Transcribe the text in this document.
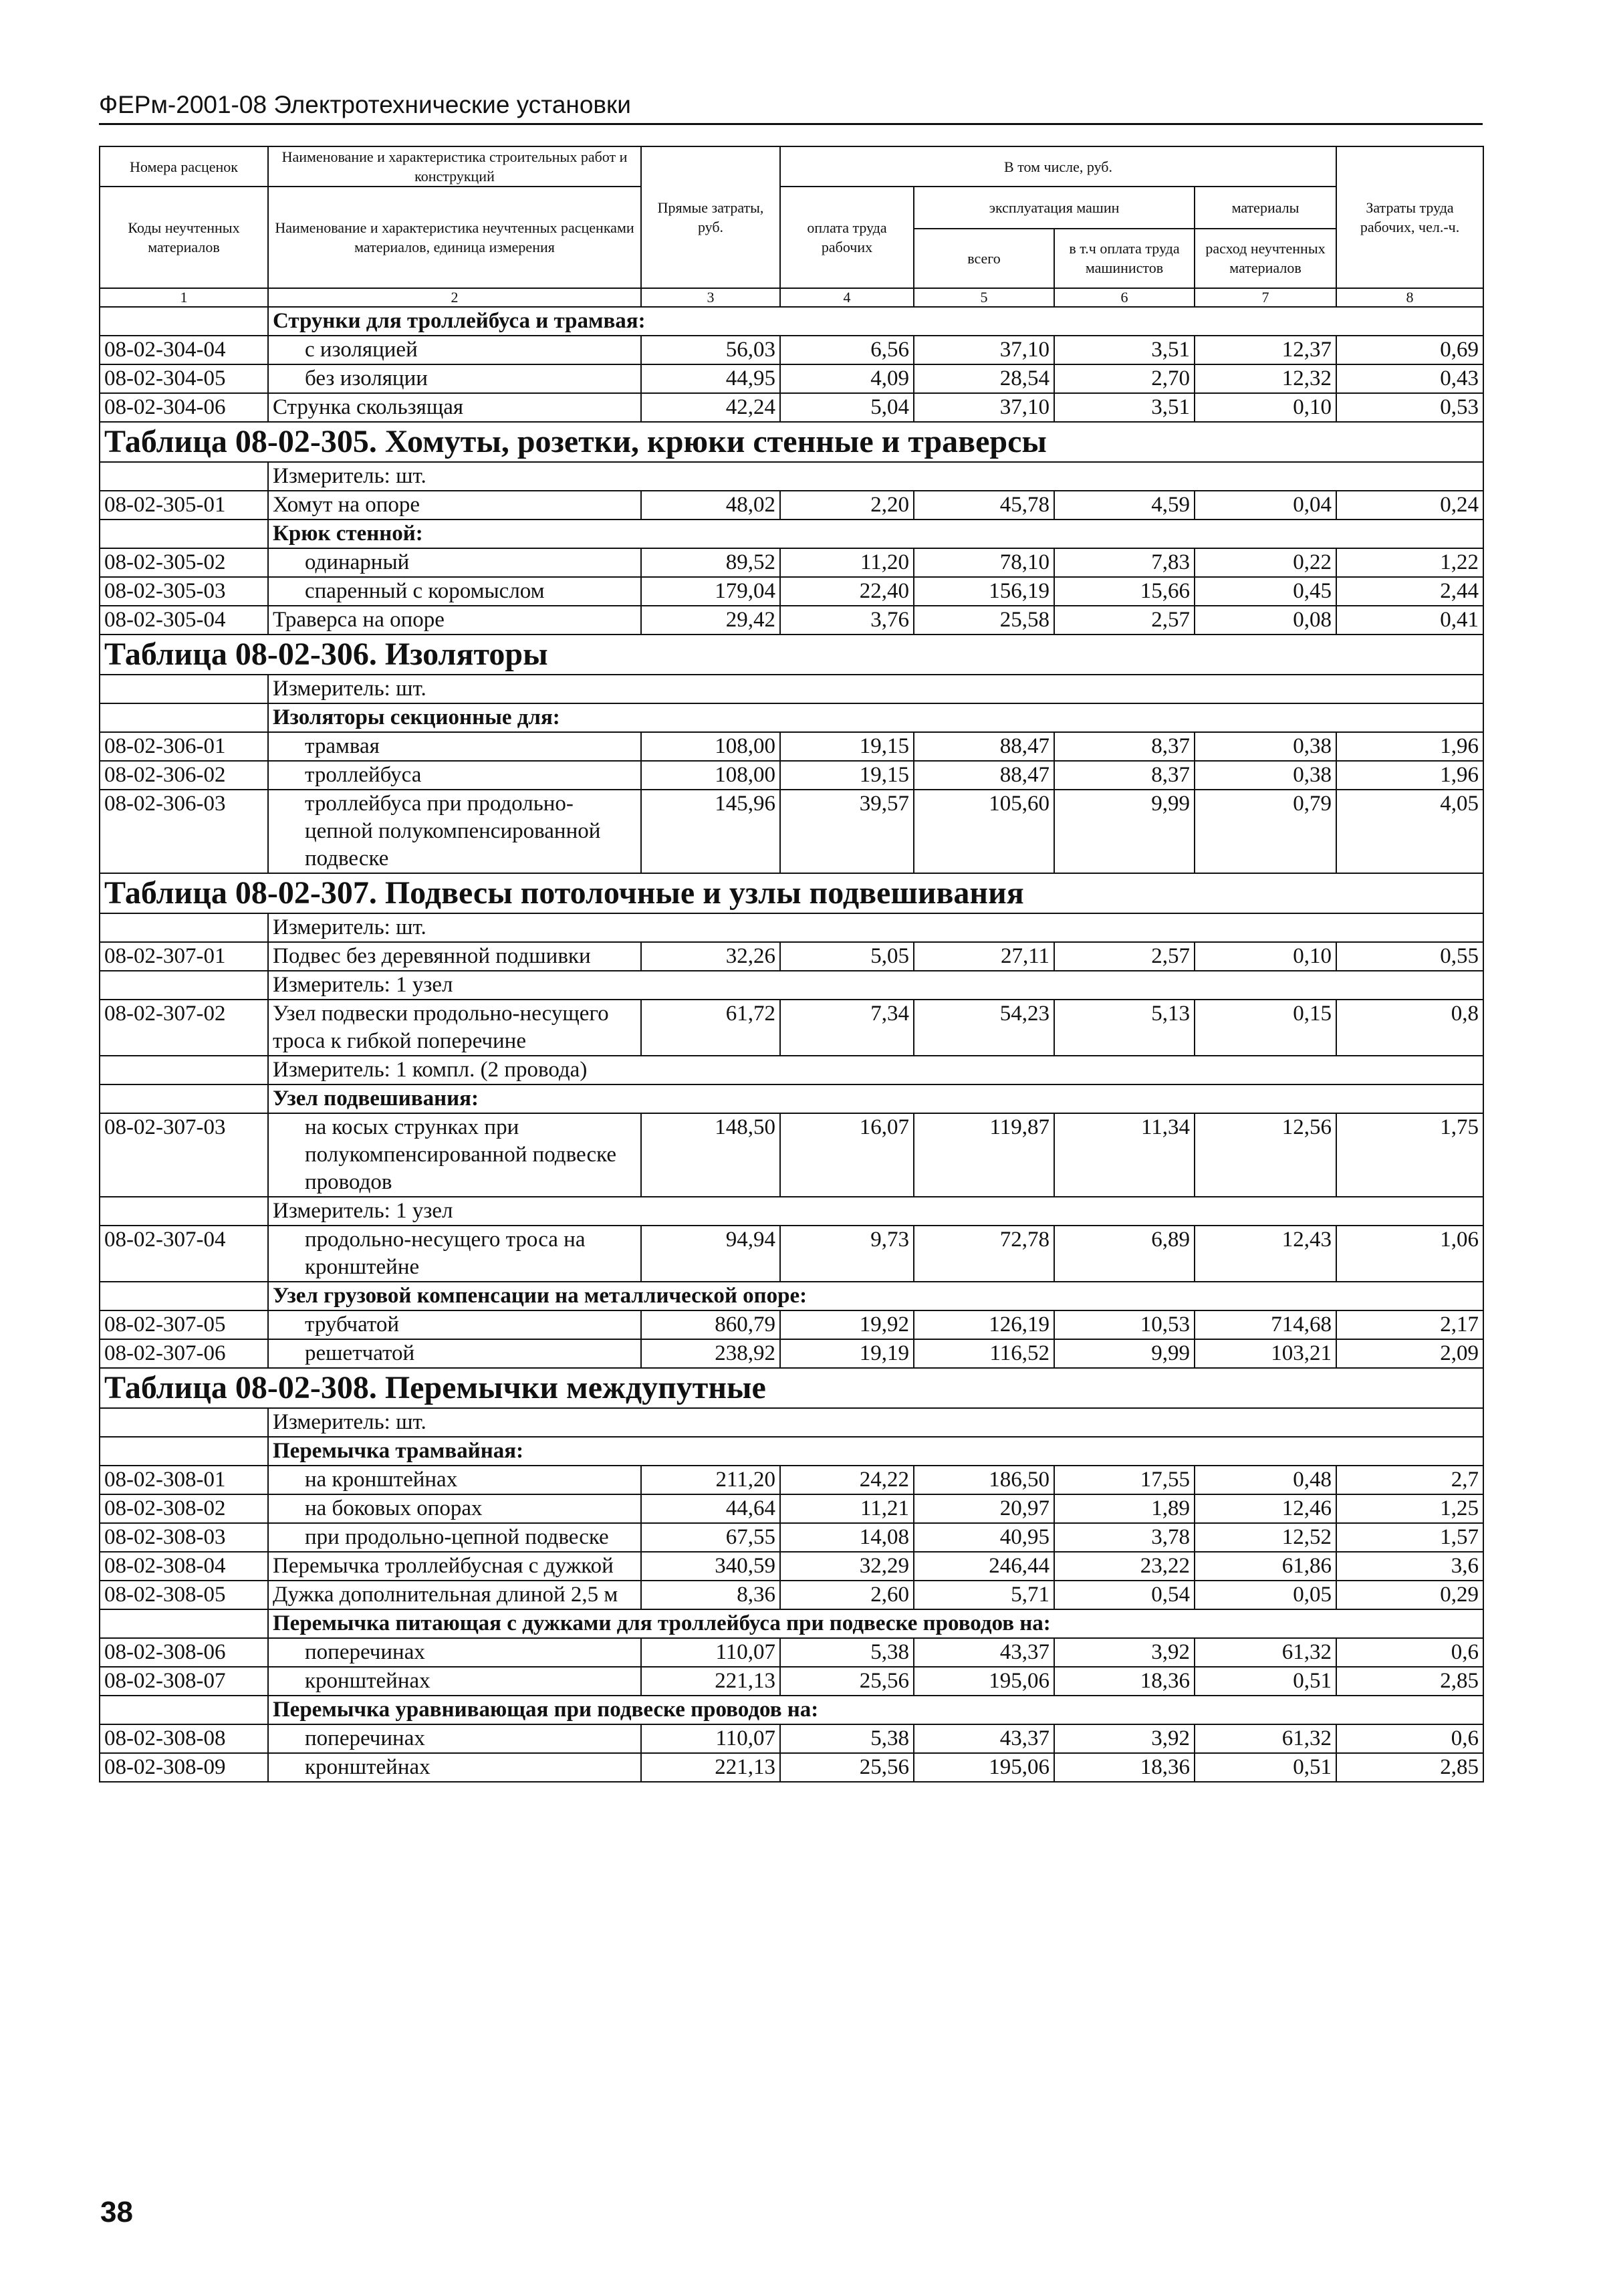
ФЕРм-2001-08 Электротехнические установки
Номера расценок	Наименование и характеристика строительных работ и конструкций	Прямые затраты, руб.	В том числе, руб.				Затраты труда рабочих, чел.-ч.
Коды неучтенных материалов	Наименование и характеристика неучтенных расценками материалов, единица измерения		оплата труда рабочих	эксплуатация машин		материалы	
				всего	в т.ч оплата труда машинистов	расход неучтенных материалов	
1	2	3	4	5	6	7	8
	Струнки для троллейбуса и трамвая:						
08-02-304-04	с изоляцией	56,03	6,56	37,10	3,51	12,37	0,69
08-02-304-05	без изоляции	44,95	4,09	28,54	2,70	12,32	0,43
08-02-304-06	Струнка скользящая	42,24	5,04	37,10	3,51	0,10	0,53
Таблица 08-02-305. Хомуты, розетки, крюки стенные и траверсы							
	Измеритель: шт.						
08-02-305-01	Хомут на опоре	48,02	2,20	45,78	4,59	0,04	0,24
	Крюк стенной:						
08-02-305-02	одинарный	89,52	11,20	78,10	7,83	0,22	1,22
08-02-305-03	спаренный с коромыслом	179,04	22,40	156,19	15,66	0,45	2,44
08-02-305-04	Траверса на опоре	29,42	3,76	25,58	2,57	0,08	0,41
Таблица 08-02-306. Изоляторы							
	Измеритель: шт.						
	Изоляторы секционные для:						
08-02-306-01	трамвая	108,00	19,15	88,47	8,37	0,38	1,96
08-02-306-02	троллейбуса	108,00	19,15	88,47	8,37	0,38	1,96
08-02-306-03	троллейбуса при продольно-цепной полукомпенсированной подвеске	145,96	39,57	105,60	9,99	0,79	4,05
Таблица 08-02-307. Подвесы потолочные и узлы подвешивания							
	Измеритель: шт.						
08-02-307-01	Подвес без деревянной подшивки	32,26	5,05	27,11	2,57	0,10	0,55
	Измеритель: 1 узел						
08-02-307-02	Узел подвески продольно-несущего троса к гибкой поперечине	61,72	7,34	54,23	5,13	0,15	0,8
	Измеритель: 1 компл. (2 провода)						
	Узел подвешивания:						
08-02-307-03	на косых струнках при полукомпенсированной подвеске проводов	148,50	16,07	119,87	11,34	12,56	1,75
	Измеритель: 1 узел						
08-02-307-04	продольно-несущего троса на кронштейне	94,94	9,73	72,78	6,89	12,43	1,06
	Узел грузовой компенсации на металлической опоре:						
08-02-307-05	трубчатой	860,79	19,92	126,19	10,53	714,68	2,17
08-02-307-06	решетчатой	238,92	19,19	116,52	9,99	103,21	2,09
Таблица 08-02-308. Перемычки междупутные							
	Измеритель: шт.						
	Перемычка трамвайная:						
08-02-308-01	на кронштейнах	211,20	24,22	186,50	17,55	0,48	2,7
08-02-308-02	на боковых опорах	44,64	11,21	20,97	1,89	12,46	1,25
08-02-308-03	при продольно-цепной подвеске	67,55	14,08	40,95	3,78	12,52	1,57
08-02-308-04	Перемычка троллейбусная с дужкой	340,59	32,29	246,44	23,22	61,86	3,6
08-02-308-05	Дужка дополнительная длиной 2,5 м	8,36	2,60	5,71	0,54	0,05	0,29
	Перемычка питающая с дужками для троллейбуса при подвеске проводов на:						
08-02-308-06	поперечинах	110,07	5,38	43,37	3,92	61,32	0,6
08-02-308-07	кронштейнах	221,13	25,56	195,06	18,36	0,51	2,85
	Перемычка уравнивающая при подвеске проводов на:						
08-02-308-08	поперечинах	110,07	5,38	43,37	3,92	61,32	0,6
08-02-308-09	кронштейнах	221,13	25,56	195,06	18,36	0,51	2,85
38
